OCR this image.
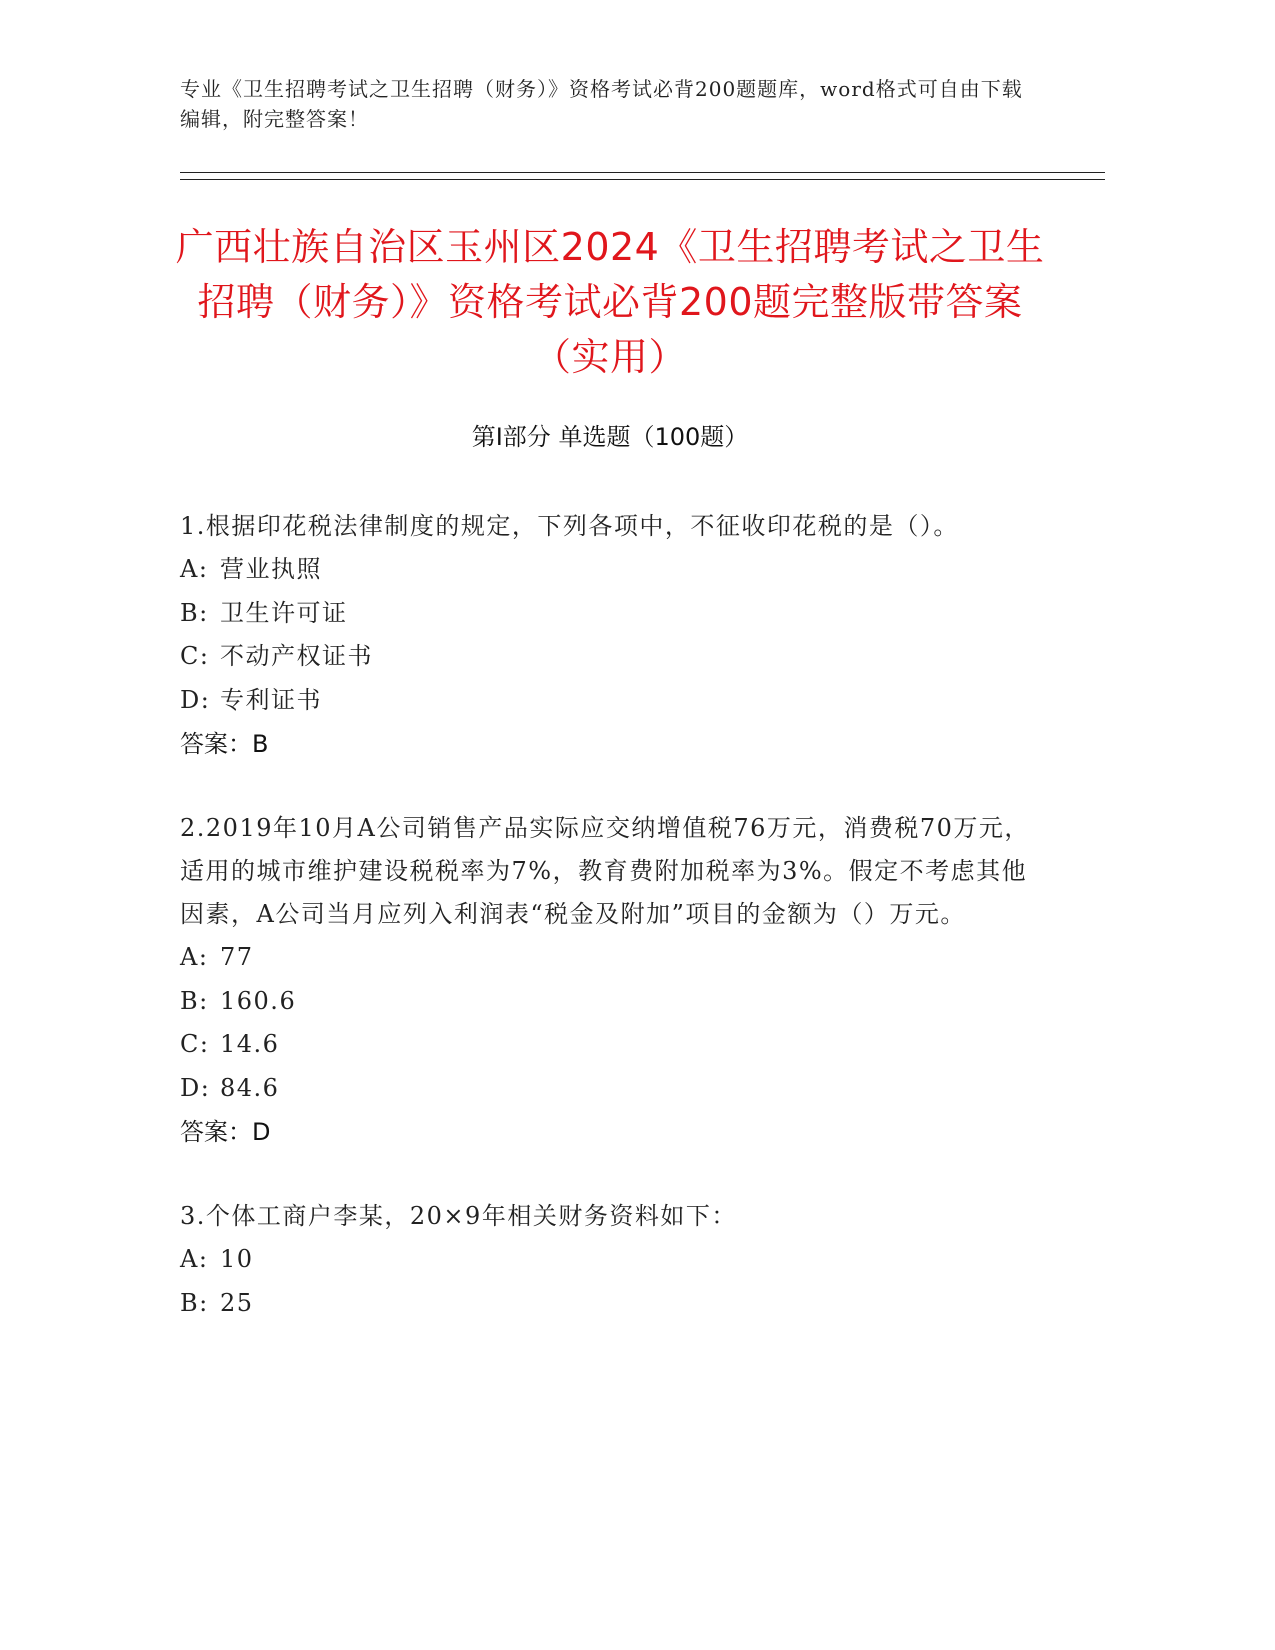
专业《卫生招聘考试之卫生招聘（财务）》资格考试必背200题题库，word格式可自由下载编辑，附完整答案！
广西壮族自治区玉州区2024《卫生招聘考试之卫生招聘（财务）》资格考试必背200题完整版带答案（实用）
第Ⅰ部分 单选题（100题）
1.根据印花税法律制度的规定，下列各项中，不征收印花税的是（）。
A: 营业执照
B: 卫生许可证
C: 不动产权证书
D: 专利证书
答案：B
2.2019年10月A公司销售产品实际应交纳增值税76万元，消费税70万元，适用的城市维护建设税税率为7%，教育费附加税率为3%。假定不考虑其他因素，A公司当月应列入利润表“税金及附加”项目的金额为（）万元。
A: 77
B: 160.6
C: 14.6
D: 84.6
答案：D
3.个体工商户李某，20×9年相关财务资料如下：
A: 10
B: 25
